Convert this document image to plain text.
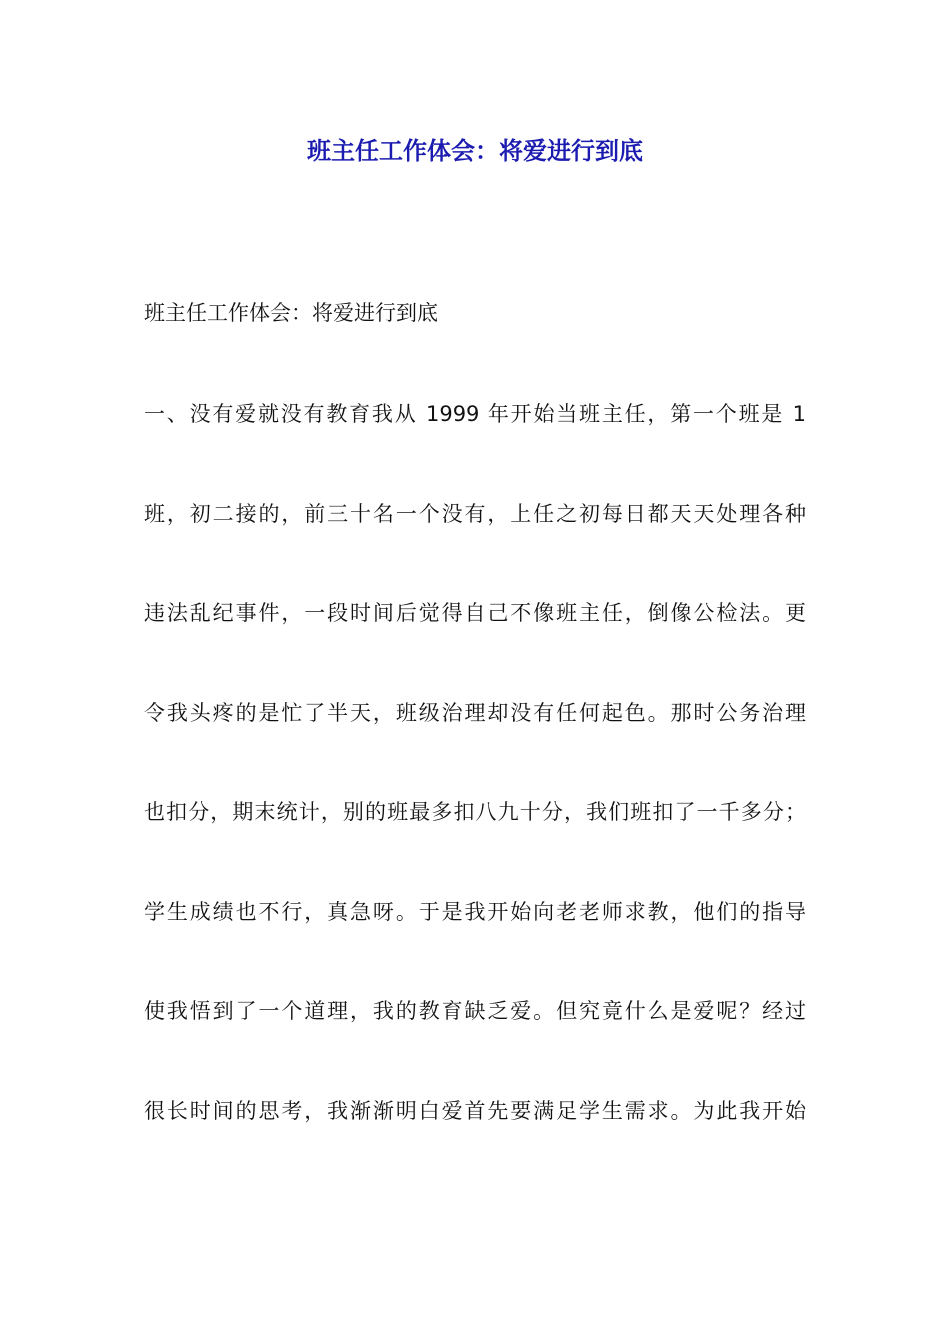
班主任工作体会：将爱进行到底
班主任工作体会：将爱进行到底
一、没有爱就没有教育我从 1999 年开始当班主任，第一个班是 1
班，初二接的，前三十名一个没有，上任之初每日都天天处理各种
违法乱纪事件，一段时间后觉得自己不像班主任，倒像公检法。更
令我头疼的是忙了半天，班级治理却没有任何起色。那时公务治理
也扣分，期末统计，别的班最多扣八九十分，我们班扣了一千多分；
学生成绩也不行，真急呀。于是我开始向老老师求教，他们的指导
使我悟到了一个道理，我的教育缺乏爱。但究竟什么是爱呢？经过
很长时间的思考，我渐渐明白爱首先要满足学生需求。为此我开始
